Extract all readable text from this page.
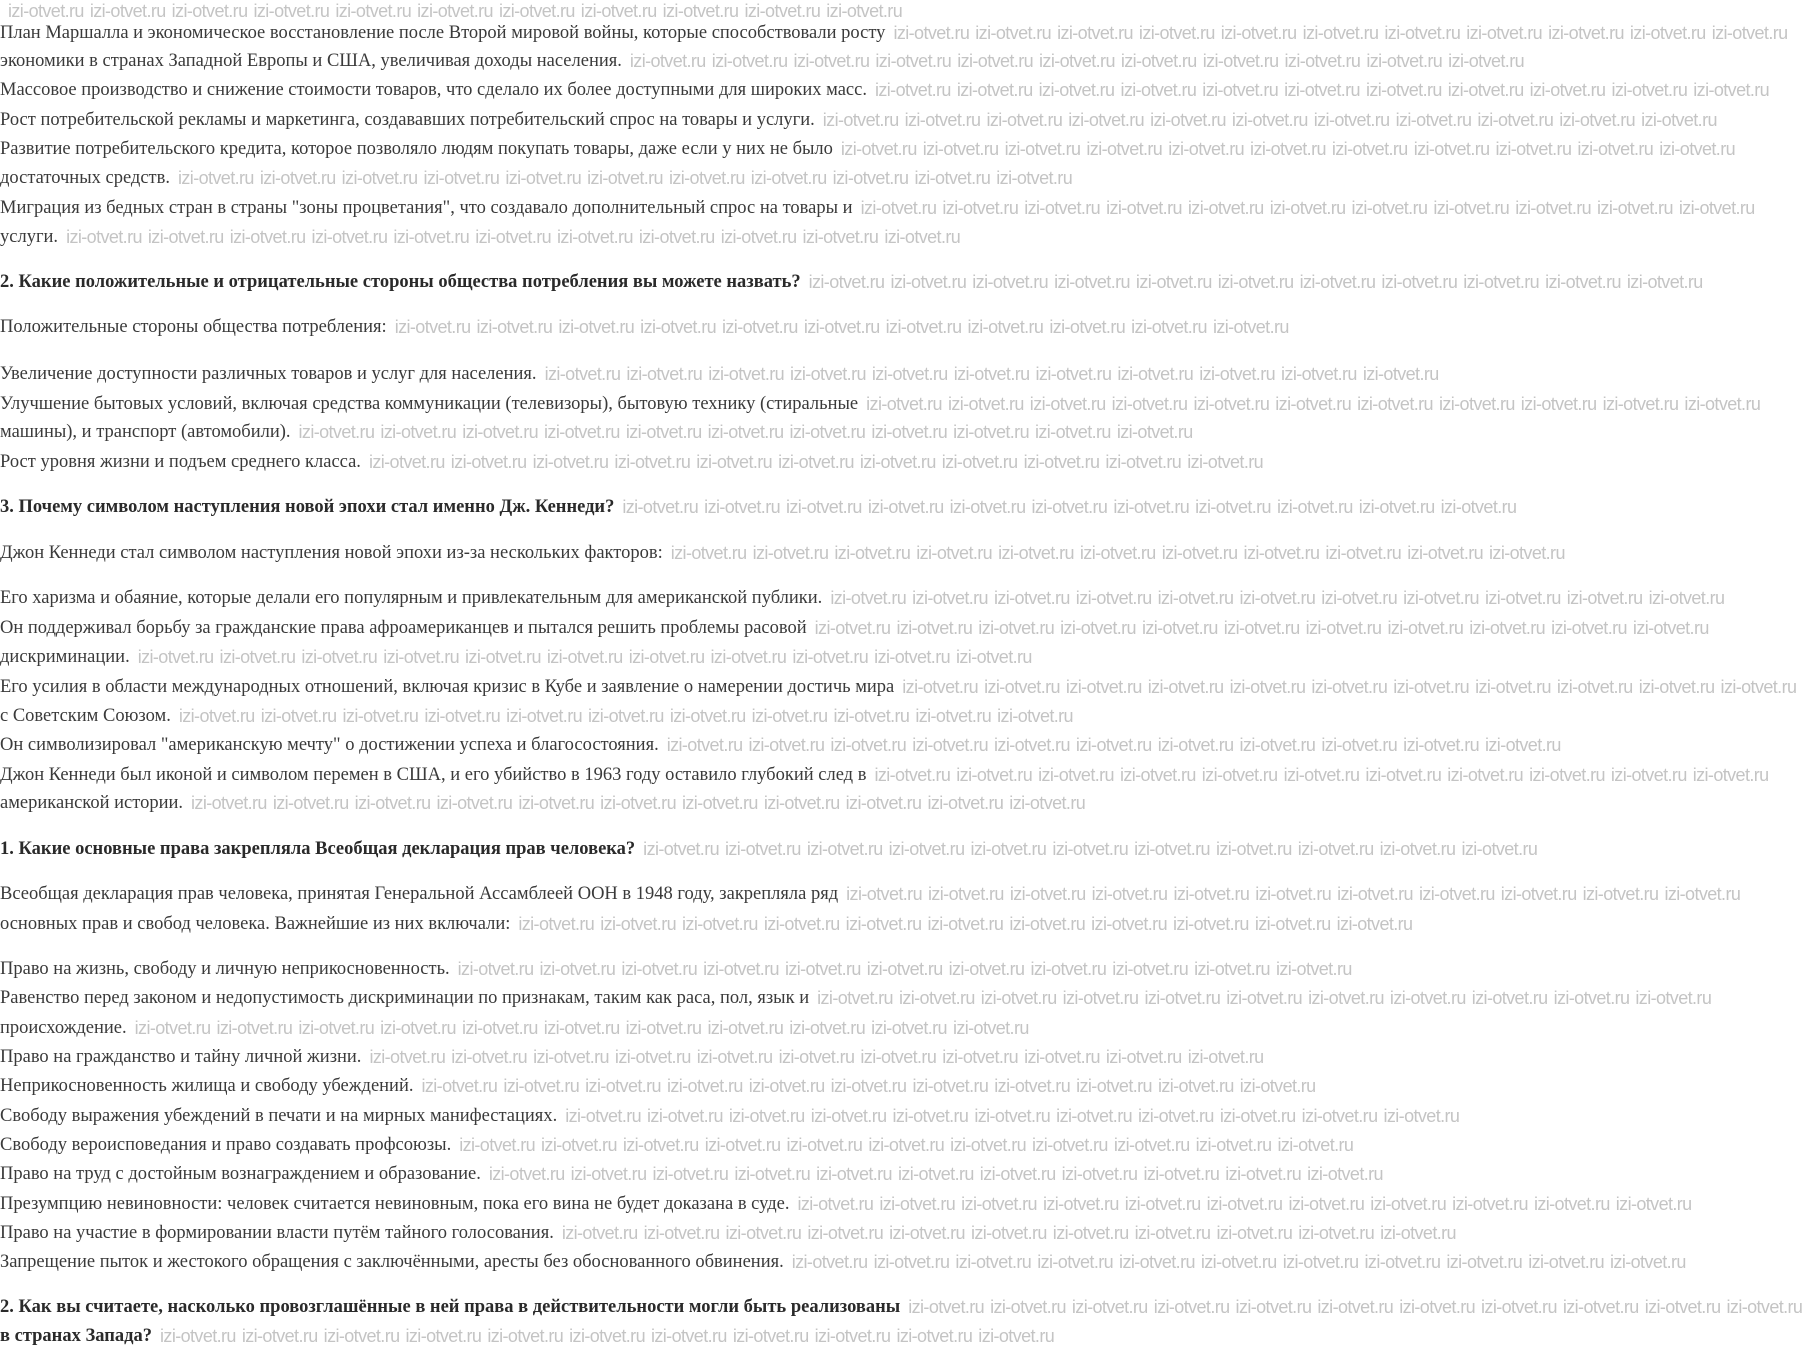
izi-otvet.ru izi-otvet.ru izi-otvet.ru izi-otvet.ru izi-otvet.ru izi-otvet.ru izi-otvet.ru izi-otvet.ru izi-otvet.ru izi-otvet.ru izi-otvet.ru
План Маршалла и экономическое восстановление после Второй мировой войны, которые способствовали росту izi-otvet.ru izi-otvet.ru izi-otvet.ru izi-otvet.ru izi-otvet.ru izi-otvet.ru izi-otvet.ru izi-otvet.ru izi-otvet.ru izi-otvet.ru izi-otvet.ru
экономики в странах Западной Европы и США, увеличивая доходы населения. izi-otvet.ru izi-otvet.ru izi-otvet.ru izi-otvet.ru izi-otvet.ru izi-otvet.ru izi-otvet.ru izi-otvet.ru izi-otvet.ru izi-otvet.ru izi-otvet.ru
Массовое производство и снижение стоимости товаров, что сделало их более доступными для широких масс. izi-otvet.ru izi-otvet.ru izi-otvet.ru izi-otvet.ru izi-otvet.ru izi-otvet.ru izi-otvet.ru izi-otvet.ru izi-otvet.ru izi-otvet.ru izi-otvet.ru
Рост потребительской рекламы и маркетинга, создававших потребительский спрос на товары и услуги. izi-otvet.ru izi-otvet.ru izi-otvet.ru izi-otvet.ru izi-otvet.ru izi-otvet.ru izi-otvet.ru izi-otvet.ru izi-otvet.ru izi-otvet.ru izi-otvet.ru
Развитие потребительского кредита, которое позволяло людям покупать товары, даже если у них не было izi-otvet.ru izi-otvet.ru izi-otvet.ru izi-otvet.ru izi-otvet.ru izi-otvet.ru izi-otvet.ru izi-otvet.ru izi-otvet.ru izi-otvet.ru izi-otvet.ru
достаточных средств. izi-otvet.ru izi-otvet.ru izi-otvet.ru izi-otvet.ru izi-otvet.ru izi-otvet.ru izi-otvet.ru izi-otvet.ru izi-otvet.ru izi-otvet.ru izi-otvet.ru
Миграция из бедных стран в страны "зоны процветания", что создавало дополнительный спрос на товары и izi-otvet.ru izi-otvet.ru izi-otvet.ru izi-otvet.ru izi-otvet.ru izi-otvet.ru izi-otvet.ru izi-otvet.ru izi-otvet.ru izi-otvet.ru izi-otvet.ru
услуги. izi-otvet.ru izi-otvet.ru izi-otvet.ru izi-otvet.ru izi-otvet.ru izi-otvet.ru izi-otvet.ru izi-otvet.ru izi-otvet.ru izi-otvet.ru izi-otvet.ru
2. Какие положительные и отрицательные стороны общества потребления вы можете назвать? izi-otvet.ru izi-otvet.ru izi-otvet.ru izi-otvet.ru izi-otvet.ru izi-otvet.ru izi-otvet.ru izi-otvet.ru izi-otvet.ru izi-otvet.ru izi-otvet.ru
Положительные стороны общества потребления: izi-otvet.ru izi-otvet.ru izi-otvet.ru izi-otvet.ru izi-otvet.ru izi-otvet.ru izi-otvet.ru izi-otvet.ru izi-otvet.ru izi-otvet.ru izi-otvet.ru
Увеличение доступности различных товаров и услуг для населения. izi-otvet.ru izi-otvet.ru izi-otvet.ru izi-otvet.ru izi-otvet.ru izi-otvet.ru izi-otvet.ru izi-otvet.ru izi-otvet.ru izi-otvet.ru izi-otvet.ru
Улучшение бытовых условий, включая средства коммуникации (телевизоры), бытовую технику (стиральные izi-otvet.ru izi-otvet.ru izi-otvet.ru izi-otvet.ru izi-otvet.ru izi-otvet.ru izi-otvet.ru izi-otvet.ru izi-otvet.ru izi-otvet.ru izi-otvet.ru
машины), и транспорт (автомобили). izi-otvet.ru izi-otvet.ru izi-otvet.ru izi-otvet.ru izi-otvet.ru izi-otvet.ru izi-otvet.ru izi-otvet.ru izi-otvet.ru izi-otvet.ru izi-otvet.ru
Рост уровня жизни и подъем среднего класса. izi-otvet.ru izi-otvet.ru izi-otvet.ru izi-otvet.ru izi-otvet.ru izi-otvet.ru izi-otvet.ru izi-otvet.ru izi-otvet.ru izi-otvet.ru izi-otvet.ru
3. Почему символом наступления новой эпохи стал именно Дж. Кеннеди? izi-otvet.ru izi-otvet.ru izi-otvet.ru izi-otvet.ru izi-otvet.ru izi-otvet.ru izi-otvet.ru izi-otvet.ru izi-otvet.ru izi-otvet.ru izi-otvet.ru
Джон Кеннеди стал символом наступления новой эпохи из-за нескольких факторов: izi-otvet.ru izi-otvet.ru izi-otvet.ru izi-otvet.ru izi-otvet.ru izi-otvet.ru izi-otvet.ru izi-otvet.ru izi-otvet.ru izi-otvet.ru izi-otvet.ru
Его харизма и обаяние, которые делали его популярным и привлекательным для американской публики. izi-otvet.ru izi-otvet.ru izi-otvet.ru izi-otvet.ru izi-otvet.ru izi-otvet.ru izi-otvet.ru izi-otvet.ru izi-otvet.ru izi-otvet.ru izi-otvet.ru
Он поддерживал борьбу за гражданские права афроамериканцев и пытался решить проблемы расовой izi-otvet.ru izi-otvet.ru izi-otvet.ru izi-otvet.ru izi-otvet.ru izi-otvet.ru izi-otvet.ru izi-otvet.ru izi-otvet.ru izi-otvet.ru izi-otvet.ru
дискриминации. izi-otvet.ru izi-otvet.ru izi-otvet.ru izi-otvet.ru izi-otvet.ru izi-otvet.ru izi-otvet.ru izi-otvet.ru izi-otvet.ru izi-otvet.ru izi-otvet.ru
Его усилия в области международных отношений, включая кризис в Кубе и заявление о намерении достичь мира izi-otvet.ru izi-otvet.ru izi-otvet.ru izi-otvet.ru izi-otvet.ru izi-otvet.ru izi-otvet.ru izi-otvet.ru izi-otvet.ru izi-otvet.ru izi-otvet.ru
с Советским Союзом. izi-otvet.ru izi-otvet.ru izi-otvet.ru izi-otvet.ru izi-otvet.ru izi-otvet.ru izi-otvet.ru izi-otvet.ru izi-otvet.ru izi-otvet.ru izi-otvet.ru
Он символизировал "американскую мечту" о достижении успеха и благосостояния. izi-otvet.ru izi-otvet.ru izi-otvet.ru izi-otvet.ru izi-otvet.ru izi-otvet.ru izi-otvet.ru izi-otvet.ru izi-otvet.ru izi-otvet.ru izi-otvet.ru
Джон Кеннеди был иконой и символом перемен в США, и его убийство в 1963 году оставило глубокий след в izi-otvet.ru izi-otvet.ru izi-otvet.ru izi-otvet.ru izi-otvet.ru izi-otvet.ru izi-otvet.ru izi-otvet.ru izi-otvet.ru izi-otvet.ru izi-otvet.ru
американской истории. izi-otvet.ru izi-otvet.ru izi-otvet.ru izi-otvet.ru izi-otvet.ru izi-otvet.ru izi-otvet.ru izi-otvet.ru izi-otvet.ru izi-otvet.ru izi-otvet.ru
1. Какие основные права закрепляла Всеобщая декларация прав человека? izi-otvet.ru izi-otvet.ru izi-otvet.ru izi-otvet.ru izi-otvet.ru izi-otvet.ru izi-otvet.ru izi-otvet.ru izi-otvet.ru izi-otvet.ru izi-otvet.ru
Всеобщая декларация прав человека, принятая Генеральной Ассамблеей ООН в 1948 году, закрепляла ряд izi-otvet.ru izi-otvet.ru izi-otvet.ru izi-otvet.ru izi-otvet.ru izi-otvet.ru izi-otvet.ru izi-otvet.ru izi-otvet.ru izi-otvet.ru izi-otvet.ru
основных прав и свобод человека. Важнейшие из них включали: izi-otvet.ru izi-otvet.ru izi-otvet.ru izi-otvet.ru izi-otvet.ru izi-otvet.ru izi-otvet.ru izi-otvet.ru izi-otvet.ru izi-otvet.ru izi-otvet.ru
Право на жизнь, свободу и личную неприкосновенность. izi-otvet.ru izi-otvet.ru izi-otvet.ru izi-otvet.ru izi-otvet.ru izi-otvet.ru izi-otvet.ru izi-otvet.ru izi-otvet.ru izi-otvet.ru izi-otvet.ru
Равенство перед законом и недопустимость дискриминации по признакам, таким как раса, пол, язык и izi-otvet.ru izi-otvet.ru izi-otvet.ru izi-otvet.ru izi-otvet.ru izi-otvet.ru izi-otvet.ru izi-otvet.ru izi-otvet.ru izi-otvet.ru izi-otvet.ru
происхождение. izi-otvet.ru izi-otvet.ru izi-otvet.ru izi-otvet.ru izi-otvet.ru izi-otvet.ru izi-otvet.ru izi-otvet.ru izi-otvet.ru izi-otvet.ru izi-otvet.ru
Право на гражданство и тайну личной жизни. izi-otvet.ru izi-otvet.ru izi-otvet.ru izi-otvet.ru izi-otvet.ru izi-otvet.ru izi-otvet.ru izi-otvet.ru izi-otvet.ru izi-otvet.ru izi-otvet.ru
Неприкосновенность жилища и свободу убеждений. izi-otvet.ru izi-otvet.ru izi-otvet.ru izi-otvet.ru izi-otvet.ru izi-otvet.ru izi-otvet.ru izi-otvet.ru izi-otvet.ru izi-otvet.ru izi-otvet.ru
Свободу выражения убеждений в печати и на мирных манифестациях. izi-otvet.ru izi-otvet.ru izi-otvet.ru izi-otvet.ru izi-otvet.ru izi-otvet.ru izi-otvet.ru izi-otvet.ru izi-otvet.ru izi-otvet.ru izi-otvet.ru
Свободу вероисповедания и право создавать профсоюзы. izi-otvet.ru izi-otvet.ru izi-otvet.ru izi-otvet.ru izi-otvet.ru izi-otvet.ru izi-otvet.ru izi-otvet.ru izi-otvet.ru izi-otvet.ru izi-otvet.ru
Право на труд с достойным вознаграждением и образование. izi-otvet.ru izi-otvet.ru izi-otvet.ru izi-otvet.ru izi-otvet.ru izi-otvet.ru izi-otvet.ru izi-otvet.ru izi-otvet.ru izi-otvet.ru izi-otvet.ru
Презумпцию невиновности: человек считается невиновным, пока его вина не будет доказана в суде. izi-otvet.ru izi-otvet.ru izi-otvet.ru izi-otvet.ru izi-otvet.ru izi-otvet.ru izi-otvet.ru izi-otvet.ru izi-otvet.ru izi-otvet.ru izi-otvet.ru
Право на участие в формировании власти путём тайного голосования. izi-otvet.ru izi-otvet.ru izi-otvet.ru izi-otvet.ru izi-otvet.ru izi-otvet.ru izi-otvet.ru izi-otvet.ru izi-otvet.ru izi-otvet.ru izi-otvet.ru
Запрещение пыток и жестокого обращения с заключёнными, аресты без обоснованного обвинения. izi-otvet.ru izi-otvet.ru izi-otvet.ru izi-otvet.ru izi-otvet.ru izi-otvet.ru izi-otvet.ru izi-otvet.ru izi-otvet.ru izi-otvet.ru izi-otvet.ru
2. Как вы считаете, насколько провозглашённые в ней права в действительности могли быть реализованы izi-otvet.ru izi-otvet.ru izi-otvet.ru izi-otvet.ru izi-otvet.ru izi-otvet.ru izi-otvet.ru izi-otvet.ru izi-otvet.ru izi-otvet.ru izi-otvet.ru
в странах Запада? izi-otvet.ru izi-otvet.ru izi-otvet.ru izi-otvet.ru izi-otvet.ru izi-otvet.ru izi-otvet.ru izi-otvet.ru izi-otvet.ru izi-otvet.ru izi-otvet.ru
